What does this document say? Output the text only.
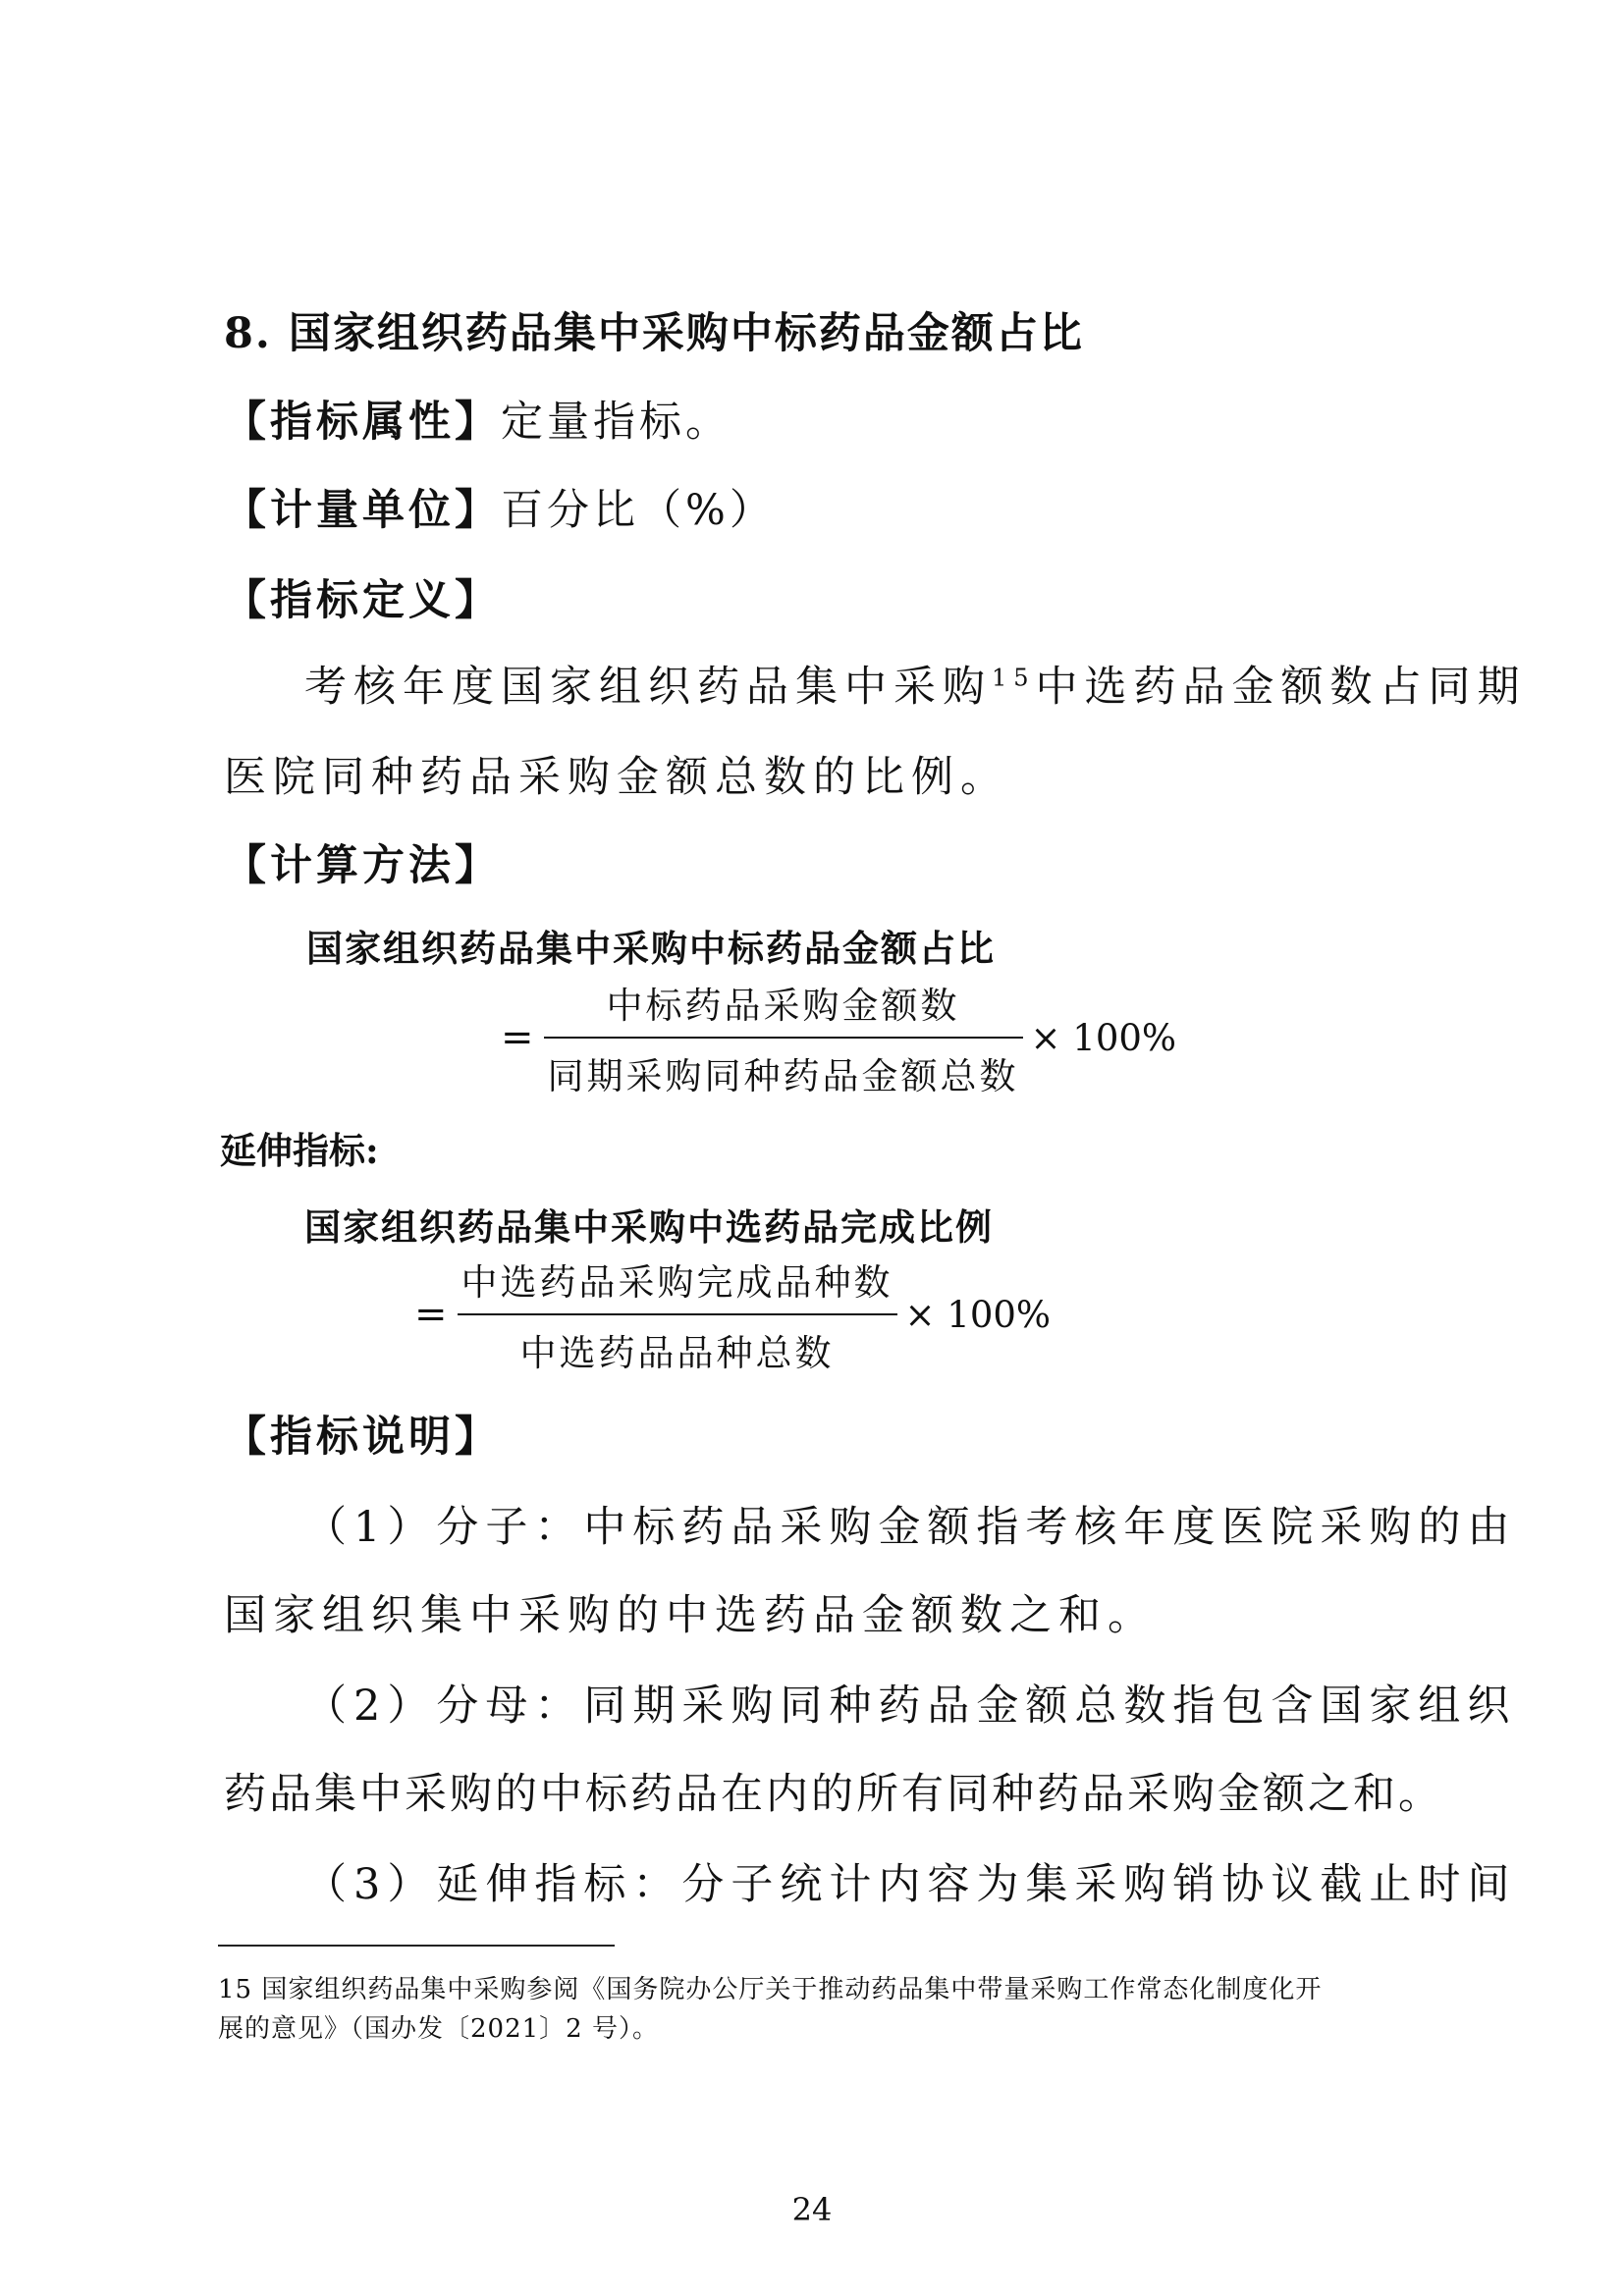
8. 国家组织药品集中采购中标药品金额占比
【指标属性】定量指标。
【计量单位】百分比（%）
【指标定义】
考核年度国家组织药品集中采购$^{15}$中选药品金额数占同期
医院同种药品采购金额总数的比例。
【计算方法】
国家组织药品集中采购中标药品金额占比
= $\frac{\text{中标药品采购金额数}}{\text{同期采购同种药品金额总数}} \times 100\%$
延伸指标:
国家组织药品集中采购中选药品完成比例
= $\frac{\text{中选药品采购完成品种数}}{\text{中选药品品种总数}} \times 100\%$
【指标说明】
（1）分子：中标药品采购金额指考核年度医院采购的由
国家组织集中采购的中选药品金额数之和。
（2）分母：同期采购同种药品金额总数指包含国家组织
药品集中采购的中标药品在内的所有同种药品采购金额之和。
（3）延伸指标：分子统计内容为集采购销协议截止时间
15 国家组织药品集中采购参阅《国务院办公厅关于推动药品集中带量采购工作常态化制度化开
展的意见》（国办发〔2021〕2 号）。
24
